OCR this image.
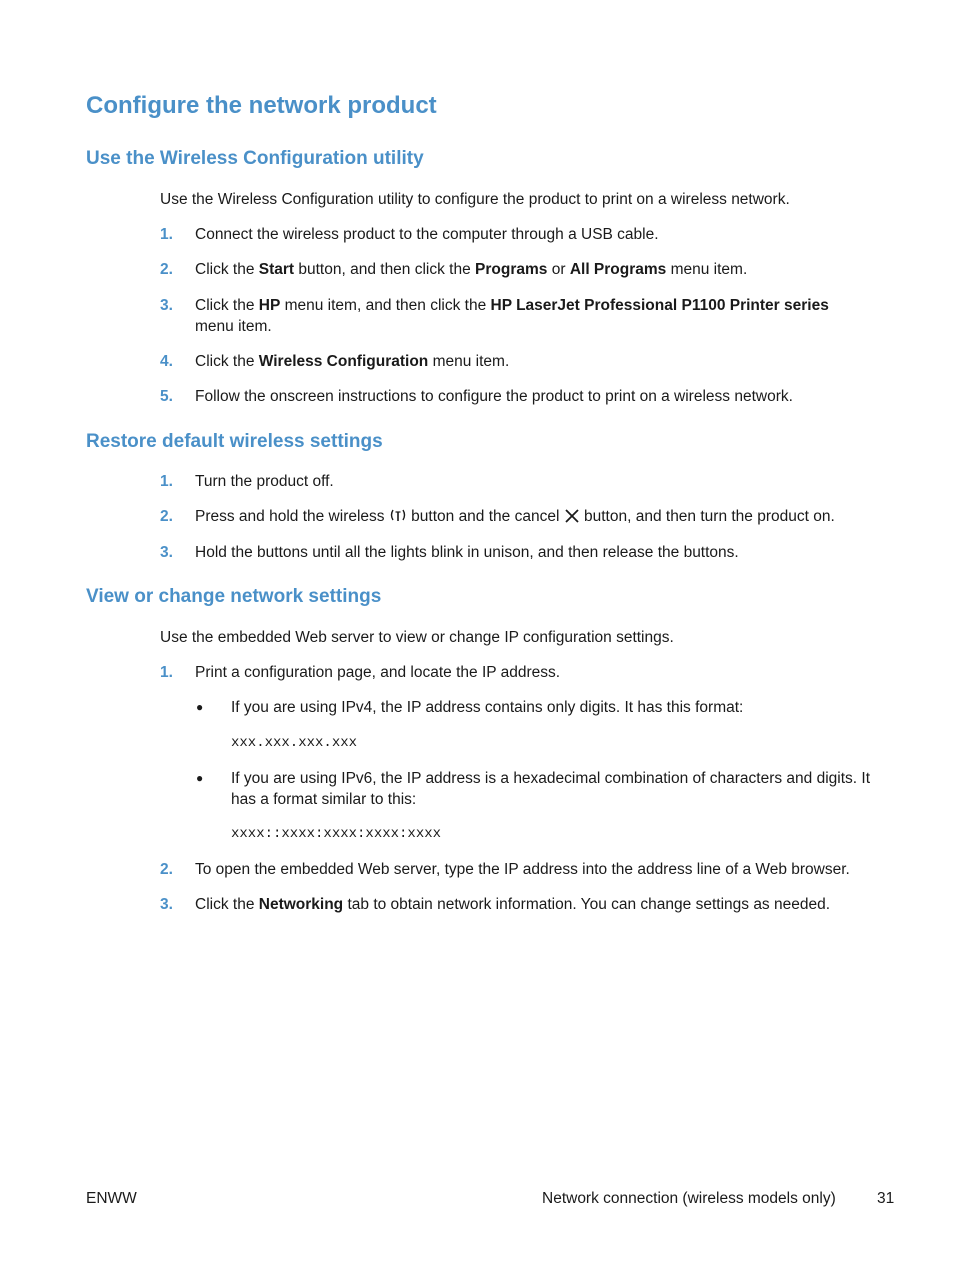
Configure the network product
Use the Wireless Configuration utility

Use the Wireless Configuration utility to configure the product to print on a wireless network.

1.	Connect the wireless product to the computer through a USB cable.
2.	Click the Start button, and then click the Programs or All Programs menu item.
3.	Click the HP menu item, and then click the HP LaserJet Professional P1100 Printer series
menu item.
4.	Click the Wireless Configuration menu item.
5.	Follow the onscreen instructions to configure the product to print on a wireless network.
Restore default wireless settings
1.	Turn the product off.
2.	Press and hold the wireless  button and the cancel  button, and then turn the product on.
3.	Hold the buttons until all the lights blink in unison, and then release the buttons.
View or change network settings

Use the embedded Web server to view or change IP configuration settings.

1.	Print a configuration page, and locate the IP address.
● If you are using IPv4, the IP address contains only digits. It has this format:
xxx.xxx.xxx.xxx
● If you are using IPv6, the IP address is a hexadecimal combination of characters and digits. It has a format similar to this:
xxxx::xxxx:xxxx:xxxx:xxxx
2.	To open the embedded Web server, type the IP address into the address line of a Web browser.
3.	Click the Networking tab to obtain network information. You can change settings as needed.
ENWW	Network connection (wireless models only)	31
